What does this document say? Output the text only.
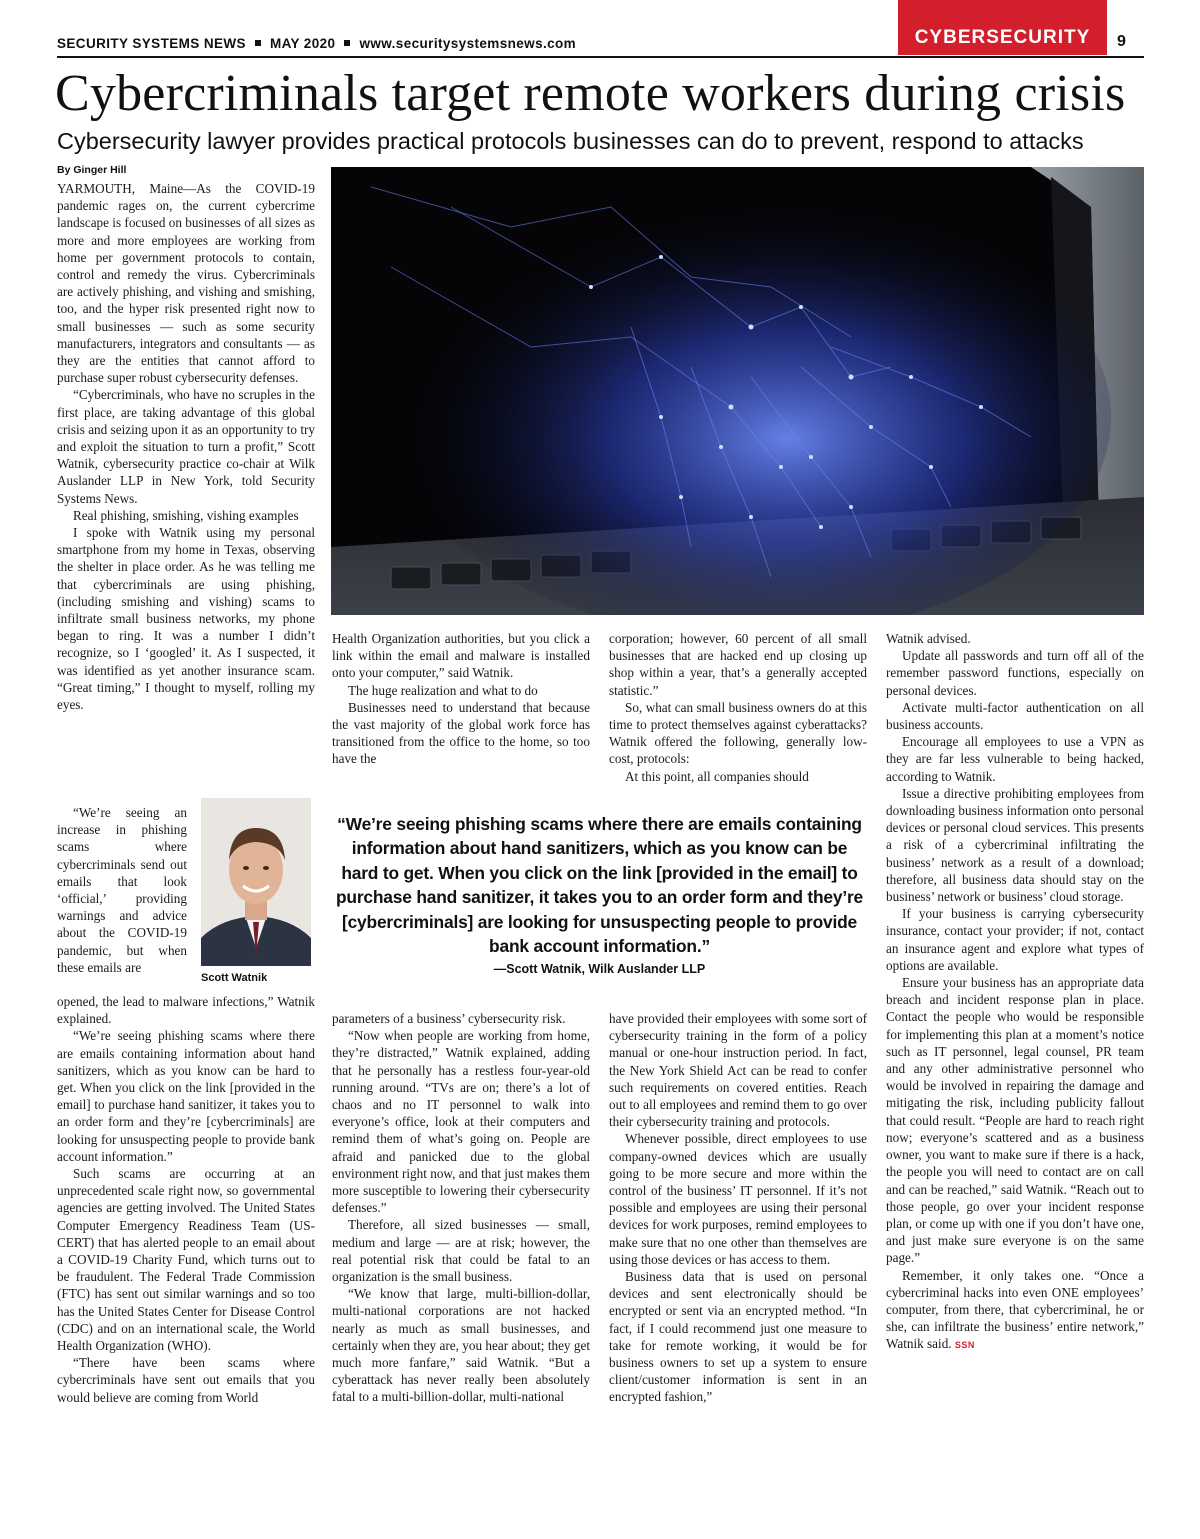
SECURITY SYSTEMS NEWS MAY 2020 www.securitysystemsnews.com	CYBERSECURITY	9
Cybercriminals target remote workers during crisis
Cybersecurity lawyer provides practical protocols businesses can do to prevent, respond to attacks
By Ginger Hill
Scott Watnik

YARMOUTH, Maine—As the COVID-19 pandemic rages on, the current cybercrime landscape is focused on businesses of all sizes as more and more employees are working from home per government protocols to contain, control and remedy the virus. Cybercriminals are actively phishing, and vishing and smishing, too, and the hyper risk presented right now to small businesses — such as some security manufacturers, integrators and consultants — as they are the entities that cannot afford to purchase super robust cybersecurity defenses.

“Cybercriminals, who have no scruples in the first place, are taking advantage of this global crisis and seizing upon it as an opportunity to try and exploit the situation to turn a profit,” Scott Watnik, cybersecurity practice co-chair at Wilk Auslander LLP in New York, told Security Systems News.

Real phishing, smishing, vishing examples

I spoke with Watnik using my personal smartphone from my home in Texas, observing the shelter in place order. As he was telling me that cybercriminals are using phishing, (including smishing and vishing) scams to infiltrate small business networks, my phone began to ring. It was a number I didn’t recognize, so I ‘googled’ it. As I suspected, it was identified as yet another insurance scam. “Great timing,” I thought to myself, rolling my eyes.

“We’re seeing an increase in phishing scams where cybercriminals send out emails that look ‘official,’ providing warnings and advice about the COVID-19 pandemic, but when these emails are

opened, the lead to malware infections,” Watnik explained.

“We’re seeing phishing scams where there are emails containing information about hand sanitizers, which as you know can be hard to get. When you click on the link [provided in the email] to purchase hand sanitizer, it takes you to an order form and they’re [cybercriminals] are looking for unsuspecting people to provide bank account information.”

Such scams are occurring at an unprecedented scale right now, so governmental agencies are getting involved. The United States Computer Emergency Readiness Team (US-CERT) that has alerted people to an email about a COVID-19 Charity Fund, which turns out to be fraudulent. The Federal Trade Commission (FTC) has sent out similar warnings and so too has the United States Center for Disease Control (CDC) and on an international scale, the World Health Organization (WHO).

“There have been scams where cybercriminals have sent out emails that you would believe are coming from World

Health Organization authorities, but you click a link within the email and malware is installed onto your computer,” said Watnik.

The huge realization and what to do

Businesses need to understand that because the vast majority of the global work force has transitioned from the office to the home, so too have the

parameters of a business’ cybersecurity risk.

“Now when people are working from home, they’re distracted,” Watnik explained, adding that he personally has a restless four-year-old running around. “TVs are on; there’s a lot of chaos and no IT personnel to walk into everyone’s office, look at their computers and remind them of what’s going on. People are afraid and panicked due to the global environment right now, and that just makes them more susceptible to lowering their cybersecurity defenses.”

Therefore, all sized businesses — small, medium and large — are at risk; however, the real potential risk that could be fatal to an organization is the small business.

“We know that large, multi-billion-dollar, multi-national corporations are not hacked nearly as much as small businesses, and certainly when they are, you hear about; they get much more fanfare,” said Watnik. “But a cyberattack has never really been absolutely fatal to a multi-billion-dollar, multi-national

corporation; however, 60 percent of all small businesses that are hacked end up closing up shop within a year, that’s a generally accepted statistic.”

So, what can small business owners do at this time to protect themselves against cyberattacks? Watnik offered the following, generally low-cost, protocols:

At this point, all companies should

have provided their employees with some sort of cybersecurity training in the form of a policy manual or one-hour instruction period. In fact, the New York Shield Act can be read to confer such requirements on covered entities. Reach out to all employees and remind them to go over their cybersecurity training and protocols.

Whenever possible, direct employees to use company-owned devices which are usually going to be more secure and more within the control of the business’ IT personnel. If it’s not possible and employees are using their personal devices for work purposes, remind employees to make sure that no one other than themselves are using those devices or has access to them.

Business data that is used on personal devices and sent electronically should be encrypted or sent via an encrypted method. “In fact, if I could recommend just one measure to take for remote working, it would be for business owners to set up a system to ensure client/customer information is sent in an encrypted fashion,”

Watnik advised.

Update all passwords and turn off all of the remember password functions, especially on personal devices.

Activate multi-factor authentication on all business accounts.

Encourage all employees to use a VPN as they are far less vulnerable to being hacked, according to Watnik.

Issue a directive prohibiting employees from downloading business information onto personal devices or personal cloud services. This presents a risk of a cybercriminal infiltrating the business’ network as a result of a download; therefore, all business data should stay on the business’ network or business’ cloud storage.

If your business is carrying cybersecurity insurance, contact your provider; if not, contact an insurance agent and explore what types of options are available.

Ensure your business has an appropriate data breach and incident response plan in place. Contact the people who would be responsible for implementing this plan at a moment’s notice such as IT personnel, legal counsel, PR team and any other administrative personnel who would be involved in repairing the damage and mitigating the risk, including publicity fallout that could result. “People are hard to reach right now; everyone’s scattered and as a business owner, you want to make sure if there is a hack, the people you will need to contact are on call and can be reached,” said Watnik. “Reach out to those people, go over your incident response plan, or come up with one if you don’t have one, and just make sure everyone is on the same page.”

Remember, it only takes one. “Once a cybercriminal hacks into even ONE employees’ computer, from there, that cybercriminal, he or she, can infiltrate the business’ entire network,” Watnik said. SSN

“We’re seeing phishing scams where there are emails containing information about hand sanitizers, which as you know can be hard to get. When you click on the link [provided in the email] to purchase hand sanitizer, it takes you to an order form and they’re [cybercriminals] are looking for unsuspecting people to provide bank account information.”
—Scott Watnik, Wilk Auslander LLP
